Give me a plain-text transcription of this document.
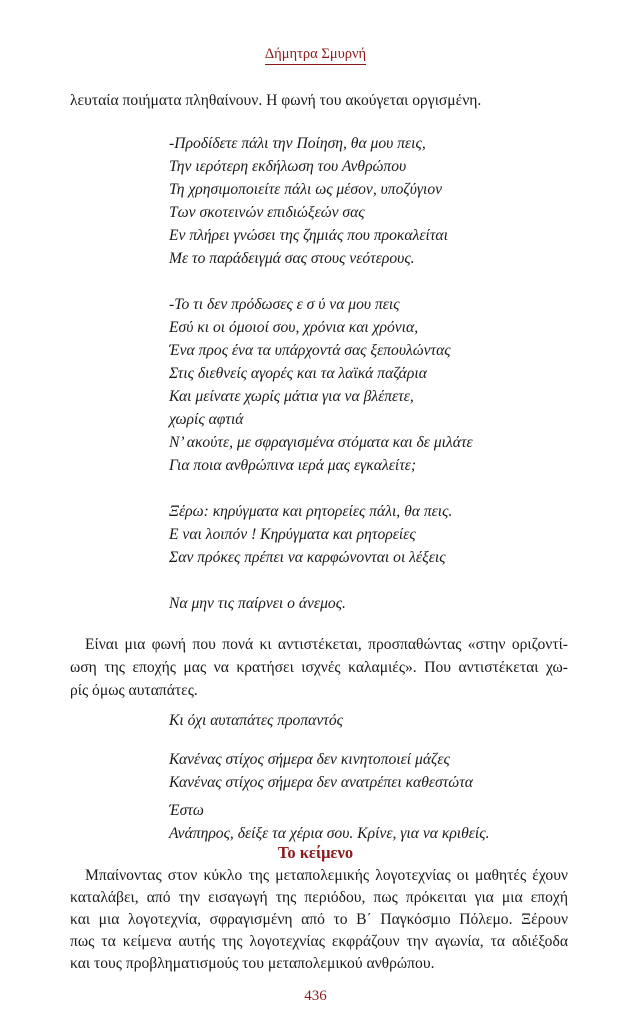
Δήμητρα Σμυρνή
λευταία ποιήματα πληθαίνουν. Η φωνή του ακούγεται οργισμένη.
-Προδίδετε πάλι την Ποίηση, θα μου πεις,
Την ιερότερη εκδήλωση του Ανθρώπου
Τη χρησιμοποιείτε πάλι ως μέσον, υποζύγιον
Των σκοτεινών επιδιώξεών σας
Εν πλήρει γνώσει της ζημιάς που προκαλείται
Με το παράδειγμά σας στους νεότερους.
-Το τι δεν πρόδωσες ε σ ύ να μου πεις
Εσύ κι οι όμοιοί σου, χρόνια και χρόνια,
Ένα προς ένα τα υπάρχοντά σας ξεπουλώντας
Στις διεθνείς αγορές και τα λαϊκά παζάρια
Και μείνατε χωρίς μάτια για να βλέπετε,
χωρίς αφτιά
Ν’ ακούτε, με σφραγισμένα στόματα και δε μιλάτε
Για ποια ανθρώπινα ιερά μας εγκαλείτε;
Ξέρω: κηρύγματα και ρητορείες πάλι, θα πεις.
Ε ναι λοιπόν ! Κηρύγματα και ρητορείες
Σαν πρόκες πρέπει να καρφώνονται οι λέξεις
Να μην τις παίρνει ο άνεμος.
Είναι μια φωνή που πονά κι αντιστέκεται, προσπαθώντας «στην οριζοντί-
ωση της εποχής μας να κρατήσει ισχνές καλαμιές». Που αντιστέκεται χω-
ρίς όμως αυταπάτες.
Κι όχι αυταπάτες προπαντός
Κανένας στίχος σήμερα δεν κινητοποιεί μάζες
Κανένας στίχος σήμερα δεν ανατρέπει καθεστώτα
Έστω
Ανάπηρος, δείξε τα χέρια σου. Κρίνε, για να κριθείς.
Το κείμενο
Μπαίνοντας στον κύκλο της μεταπολεμικής λογοτεχνίας οι μαθητές έχουν
καταλάβει, από την εισαγωγή της περιόδου, πως πρόκειται για μια εποχή
και μια λογοτεχνία, σφραγισμένη από το Β΄ Παγκόσμιο Πόλεμο. Ξέρουν
πως τα κείμενα αυτής της λογοτεχνίας εκφράζουν την αγωνία, τα αδιέξοδα
και τους προβληματισμούς του μεταπολεμικού ανθρώπου.
436
